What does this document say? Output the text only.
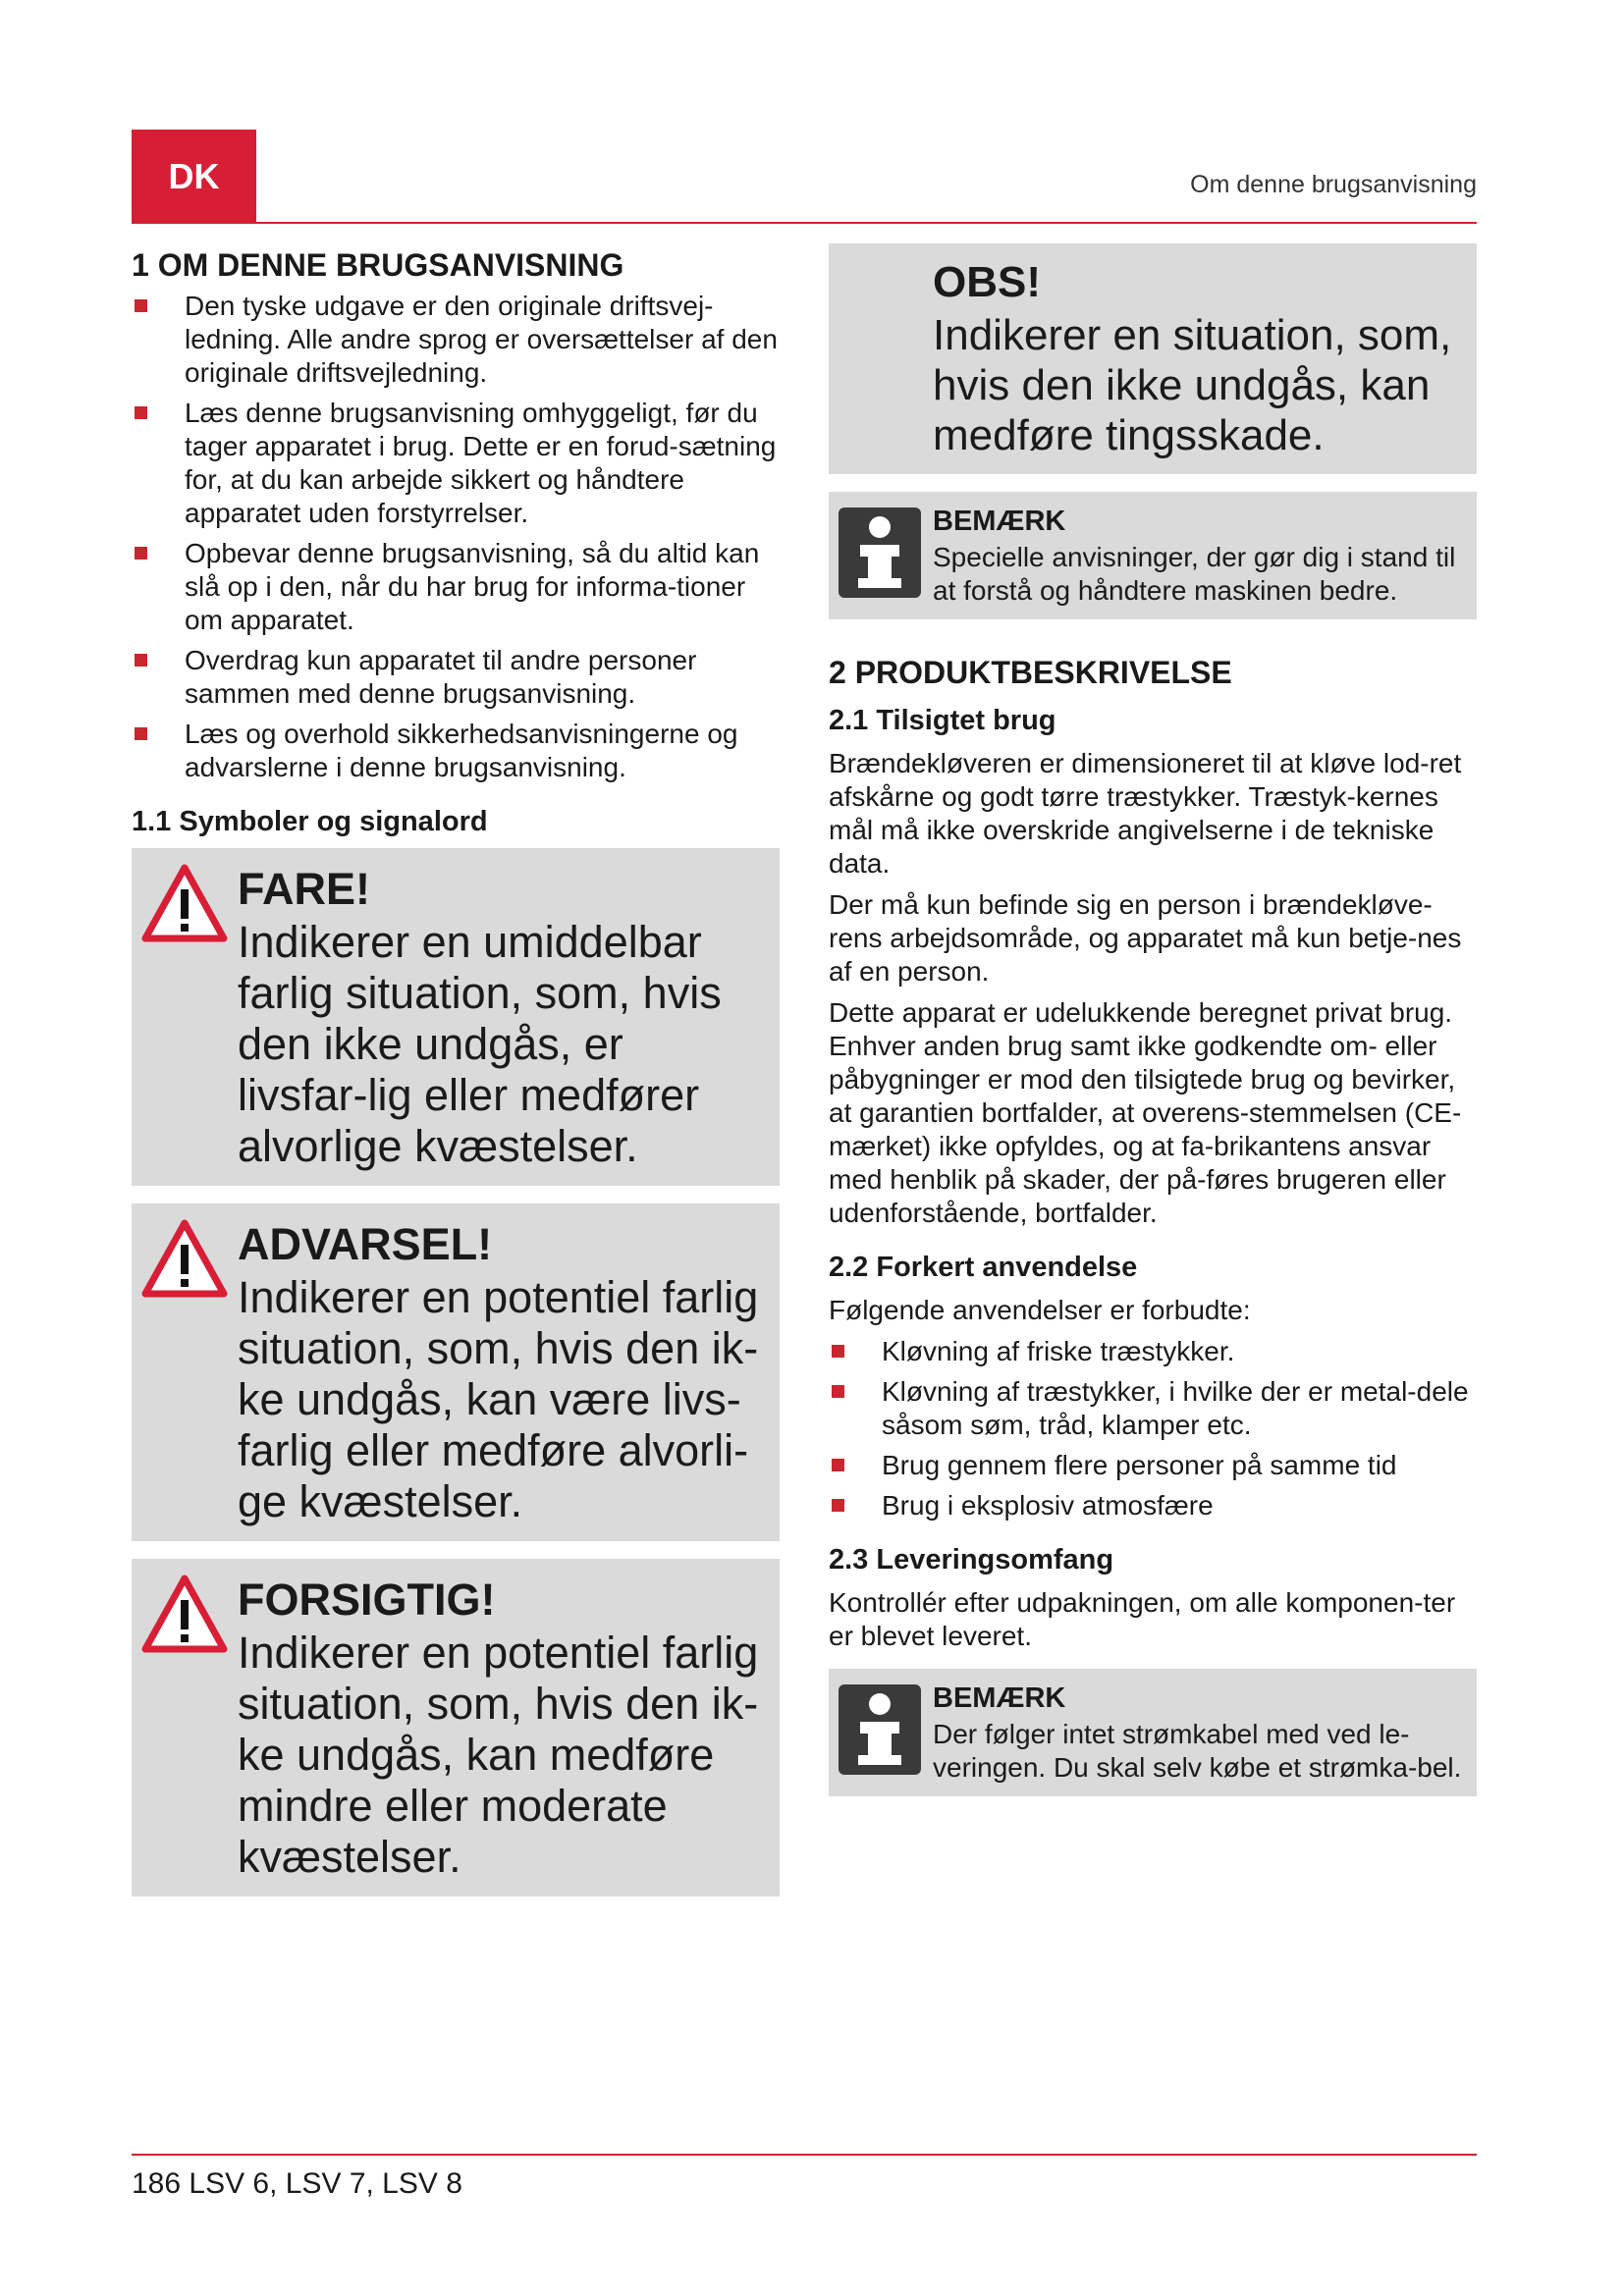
DK	Om denne brugsanvisning
1 OM DENNE BRUGSANVISNING
Den tyske udgave er den originale driftsvej-ledning. Alle andre sprog er oversættelser af den originale driftsvejledning.
Læs denne brugsanvisning omhyggeligt, før du tager apparatet i brug. Dette er en forud-sætning for, at du kan arbejde sikkert og håndtere apparatet uden forstyrrelser.
Opbevar denne brugsanvisning, så du altid kan slå op i den, når du har brug for informa-tioner om apparatet.
Overdrag kun apparatet til andre personer sammen med denne brugsanvisning.
Læs og overhold sikkerhedsanvisningerne og advarslerne i denne brugsanvisning.
1.1 Symboler og signalord
FARE!
Indikerer en umiddelbar farlig situation, som, hvis den ikke undgås, er livsfar-lig eller medfører alvorlige kvæstelser.
ADVARSEL!
Indikerer en potentiel farlig situation, som, hvis den ik-ke undgås, kan være livs-farlig eller medføre alvorli-ge kvæstelser.
FORSIGTIG!
Indikerer en potentiel farlig situation, som, hvis den ik-ke undgås, kan medføre mindre eller moderate kvæstelser.
OBS!
Indikerer en situation, som, hvis den ikke undgås, kan medføre tingsskade.
BEMÆRK
Specielle anvisninger, der gør dig i stand til at forstå og håndtere maskinen bedre.
2 PRODUKTBESKRIVELSE
2.1 Tilsigtet brug

Brændekløveren er dimensioneret til at kløve lod-ret afskårne og godt tørre træstykker. Træstyk-kernes mål må ikke overskride angivelserne i de tekniske data.

Der må kun befinde sig en person i brændekløve-rens arbejdsområde, og apparatet må kun betje-nes af en person.

Dette apparat er udelukkende beregnet privat brug. Enhver anden brug samt ikke godkendte om- eller påbygninger er mod den tilsigtede brug og bevirker, at garantien bortfalder, at overens-stemmelsen (CE-mærket) ikke opfyldes, og at fa-brikantens ansvar med henblik på skader, der på-føres brugeren eller udenforstående, bortfalder.

2.2 Forkert anvendelse

Følgende anvendelser er forbudte:

Kløvning af friske træstykker.
Kløvning af træstykker, i hvilke der er metal-dele såsom søm, tråd, klamper etc.
Brug gennem flere personer på samme tid
Brug i eksplosiv atmosfære
2.3 Leveringsomfang

Kontrollér efter udpakningen, om alle komponen-ter er blevet leveret.

BEMÆRK
Der følger intet strømkabel med ved le-veringen. Du skal selv købe et strømka-bel.
186 LSV 6, LSV 7, LSV 8
